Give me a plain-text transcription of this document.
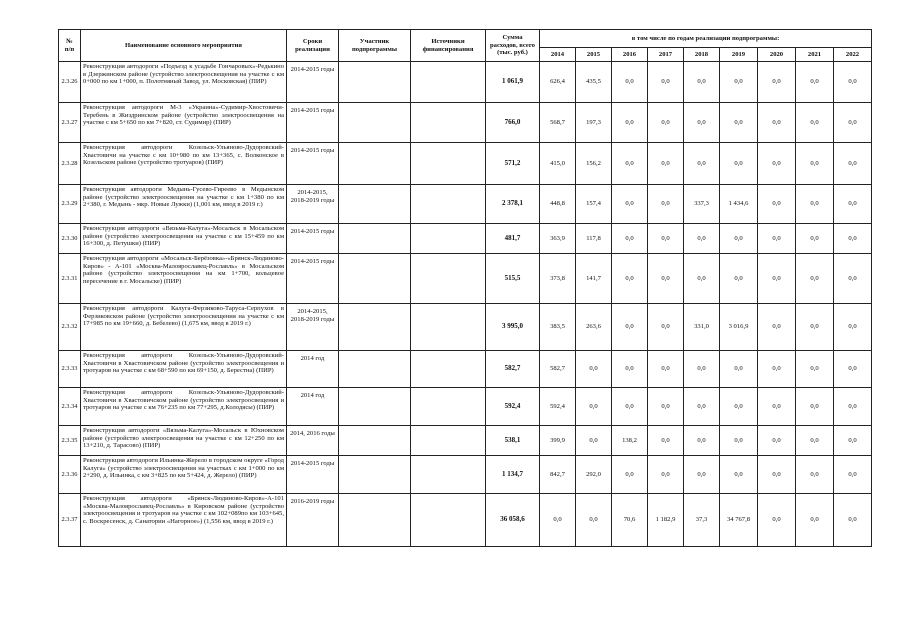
№
п/п	Наименование основного мероприятия	Сроки реализации	Участник подпрограммы	Источники финансирования	Сумма расходов, всего (тыс. руб.)	в том числе по годам реализации подпрограммы:								
						2014	2015	2016	2017	2018	2019	2020	2021	2022
2.3.26	Реконструкция автодороги «Подъезд к усадьбе Гончаровых»-Редькино в Дзержинском районе (устройство электроосвещения на участке с км 0+000 по км 1+000, п. Полотняный Завод, ул. Московская) (ПИР)	2014-2015 годы			1 061,9	626,4	435,5	0,0	0,0	0,0	0,0	0,0	0,0	0,0
2.3.27	Реконструкция автодороги М-3 «Украина»-Судимир-Хвостовичи-Теребень в Жиздринском районе (устройство электроосвещения на участке с км 5+650 по км 7+820, ст. Судимир) (ПИР)	2014-2015 годы			766,0	568,7	197,3	0,0	0,0	0,0	0,0	0,0	0,0	0,0
2.3.28	Реконструкция автодороги Козельск-Ульяново-Дудоровский-Хвастовичи на участке с км 10+980 по км 13+365, с. Волконское в Козельском районе (устройство тротуаров) (ПИР)	2014-2015 годы			571,2	415,0	156,2	0,0	0,0	0,0	0,0	0,0	0,0	0,0
2.3.29	Реконструкция автодороги Медынь-Гусево-Гиреево в Медынском районе (устройство электроосвещения на участке с км 1+380 по км 2+380, г. Медынь - мкр. Новые Лужки) (1,001 км, ввод в 2019 г.)	2014-2015, 2018-2019 годы			2 378,1	448,8	157,4	0,0	0,0	337,3	1 434,6	0,0	0,0	0,0
2.3.30	Реконструкция автодороги «Вязьма-Калуга»-Мосальск в Мосальском районе (устройство электроосвещения на участке с км 15+459 по км 16+300, д. Петушки) (ПИР)	2014-2015 годы			481,7	363,9	117,8	0,0	0,0	0,0	0,0	0,0	0,0	0,0
2.3.31	Реконструкция автодороги «Мосальск-Берёзовка»-«Брянск-Людиново-Киров» - А-101 «Москва-Малоярославец-Рославль» в Мосальском районе (устройство электроосвещения на км 1+700, кольцевое пересечение в г. Мосальске) (ПИР)	2014-2015 годы			515,5	373,8	141,7	0,0	0,0	0,0	0,0	0,0	0,0	0,0
2.3.32	Реконструкция автодороги Калуга-Ферзиково-Таруса-Серпухов в Ферзиковском районе (устройство электроосвещения на участке с км 17+985 по км 19+660, д. Бебелево) (1,675 км, ввод в 2019 г.)	2014-2015, 2018-2019 годы			3 995,0	383,5	263,6	0,0	0,0	331,0	3 016,9	0,0	0,0	0,0
2.3.33	Реконструкция автодороги Козельск-Ульяново-Дудоровский-Хвастовичи в Хвастовичском районе (устройство электроосвещения и тротуаров на участке с км 68+590 по км 69+150, д. Берестна) (ПИР)	2014 год			582,7	582,7	0,0	0,0	0,0	0,0	0,0	0,0	0,0	0,0
2.3.34	Реконструкция автодороги Козельск-Ульяново-Дудоровский-Хвастовичи в Хвастовичском районе (устройство электроосвещения и тротуаров на участке с км 76+235 по км 77+295, д.Колодясы) (ПИР)	2014 год			592,4	592,4	0,0	0,0	0,0	0,0	0,0	0,0	0,0	0,0
2.3.35	Реконструкция автодороги «Вязьма-Калуга»-Мосальск в Юхновском районе (устройство электроосвещения на участке с км 12+250 по км 13+210, д. Тарасово) (ПИР)	2014, 2016 годы			538,1	399,9	0,0	138,2	0,0	0,0	0,0	0,0	0,0	0,0
2.3.36	Реконструкция автодороги Ильинка-Жерело в городском округе «Город Калуга» (устройство электроосвещения на участках с км 1+000 по км 2+290, д. Ильинка, с км 3+825 по км 5+424, д. Жерело) (ПИР)	2014-2015 годы			1 134,7	842,7	292,0	0,0	0,0	0,0	0,0	0,0	0,0	0,0
2.3.37	Реконструкция автодороги «Брянск-Людиново-Киров»-А-101 «Москва-Малоярославец-Рославль» в Кировском районе (устройство электроосвещения и тротуаров на участке с км 102+089по км 103+645, с. Воскресенск, д. Санатории «Нагорное») (1,556 км, ввод в 2019 г.)	2016-2019 годы			36 058,6	0,0	0,0	70,6	1 182,9	37,3	34 767,8	0,0	0,0	0,0
